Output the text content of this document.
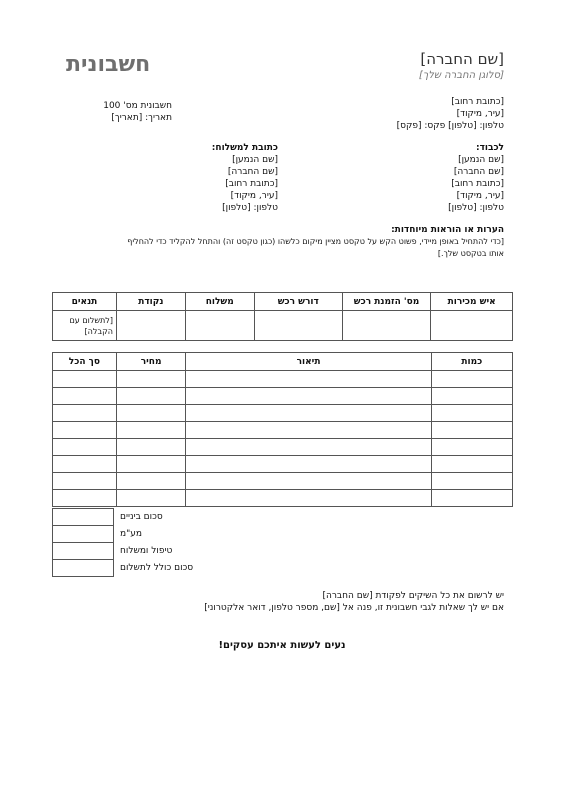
חשבונית	[שם החברה]
[סלוגן החברה שלך]
[כתובת רחוב]
[עיר, מיקוד]
טלפון: [טלפון] פקס: [פקס]
חשבונית מס' 100
תאריך: [תאריך]
לכבוד:
[שם הנמען]
[שם החברה]
[כתובת רחוב]
[עיר, מיקוד]
טלפון: [טלפון]
כתובת למשלוח:
[שם הנמען]
[שם החברה]
[כתובת רחוב]
[עיר, מיקוד]
טלפון: [טלפון]
הערות או הוראות מיוחדות:
[כדי להתחיל באופן מיידי, פשוט הקש על טקסט מציין מיקום כלשהו (כגון טקסט זה) והתחל להקליד כדי להחליף
אותו בטקסט שלך.]
איש מכירות	מס' הזמנת רכש	דורש רכש	משלוח	נקודת	תנאים
					[לתשלום עם הקבלה]
כמות	תיאור	מחיר	סך הכל

	סכום ביניים
	מע"מ
	טיפול ומשלוח
	סכום כולל לתשלום
יש לרשום את כל השיקים לפקודת [שם החברה]
אם יש לך שאלות לגבי חשבונית זו, פנה אל [שם, מספר טלפון, דואר אלקטרוני]
נעים לעשות איתכם עסקים!
